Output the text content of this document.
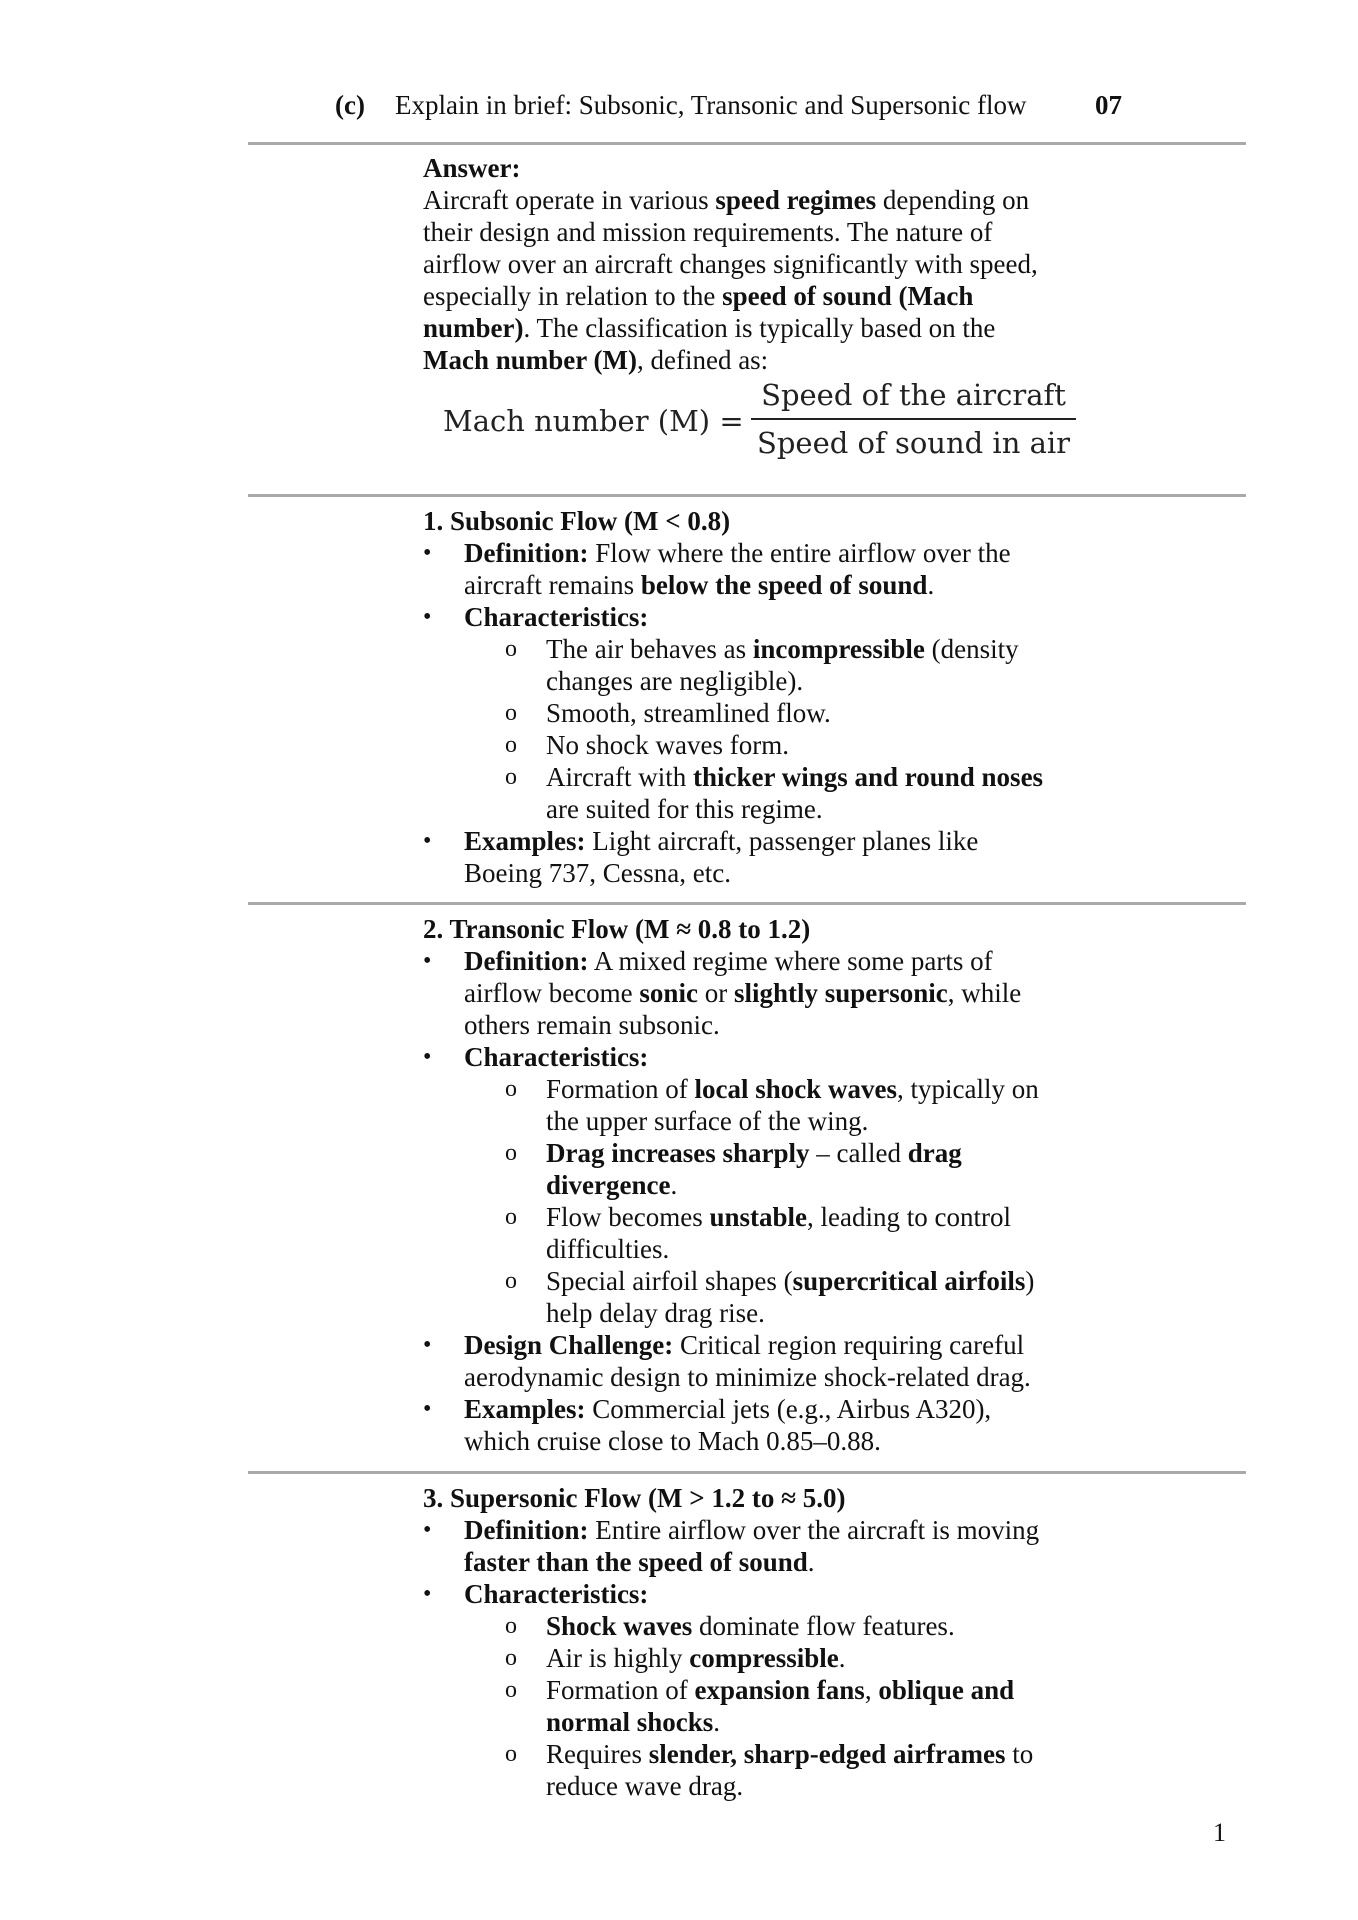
(c) Explain in brief: Subsonic, Transonic and Supersonic flow	07

Answer:

Aircraft operate in various speed regimes depending on their design and mission requirements. The nature of airflow over an aircraft changes significantly with speed, especially in relation to the speed of sound (Mach number). The classification is typically based on the Mach number (M), defined as:

Mach number (M) =
Speed of the aircraft
Speed of sound in air

1. Subsonic Flow (M < 0.8)

• Definition: Flow where the entire airflow over the aircraft remains below the speed of sound.
• Characteristics:
o The air behaves as incompressible (density changes are negligible).
o Smooth, streamlined flow.
o No shock waves form.
o Aircraft with thicker wings and round noses are suited for this regime.
• Examples: Light aircraft, passenger planes like Boeing 737, Cessna, etc.

2. Transonic Flow (M ≈ 0.8 to 1.2)

• Definition: A mixed regime where some parts of airflow become sonic or slightly supersonic, while others remain subsonic.
• Characteristics:
o Formation of local shock waves, typically on the upper surface of the wing.
o Drag increases sharply – called drag divergence.
o Flow becomes unstable, leading to control difficulties.
o Special airfoil shapes (supercritical airfoils) help delay drag rise.
• Design Challenge: Critical region requiring careful aerodynamic design to minimize shock-related drag.
• Examples: Commercial jets (e.g., Airbus A320), which cruise close to Mach 0.85–0.88.

3. Supersonic Flow (M > 1.2 to ≈ 5.0)

• Definition: Entire airflow over the aircraft is moving faster than the speed of sound.
• Characteristics:
o Shock waves dominate flow features.
o Air is highly compressible.
o Formation of expansion fans, oblique and normal shocks.
o Requires slender, sharp-edged airframes to reduce wave drag.
1
